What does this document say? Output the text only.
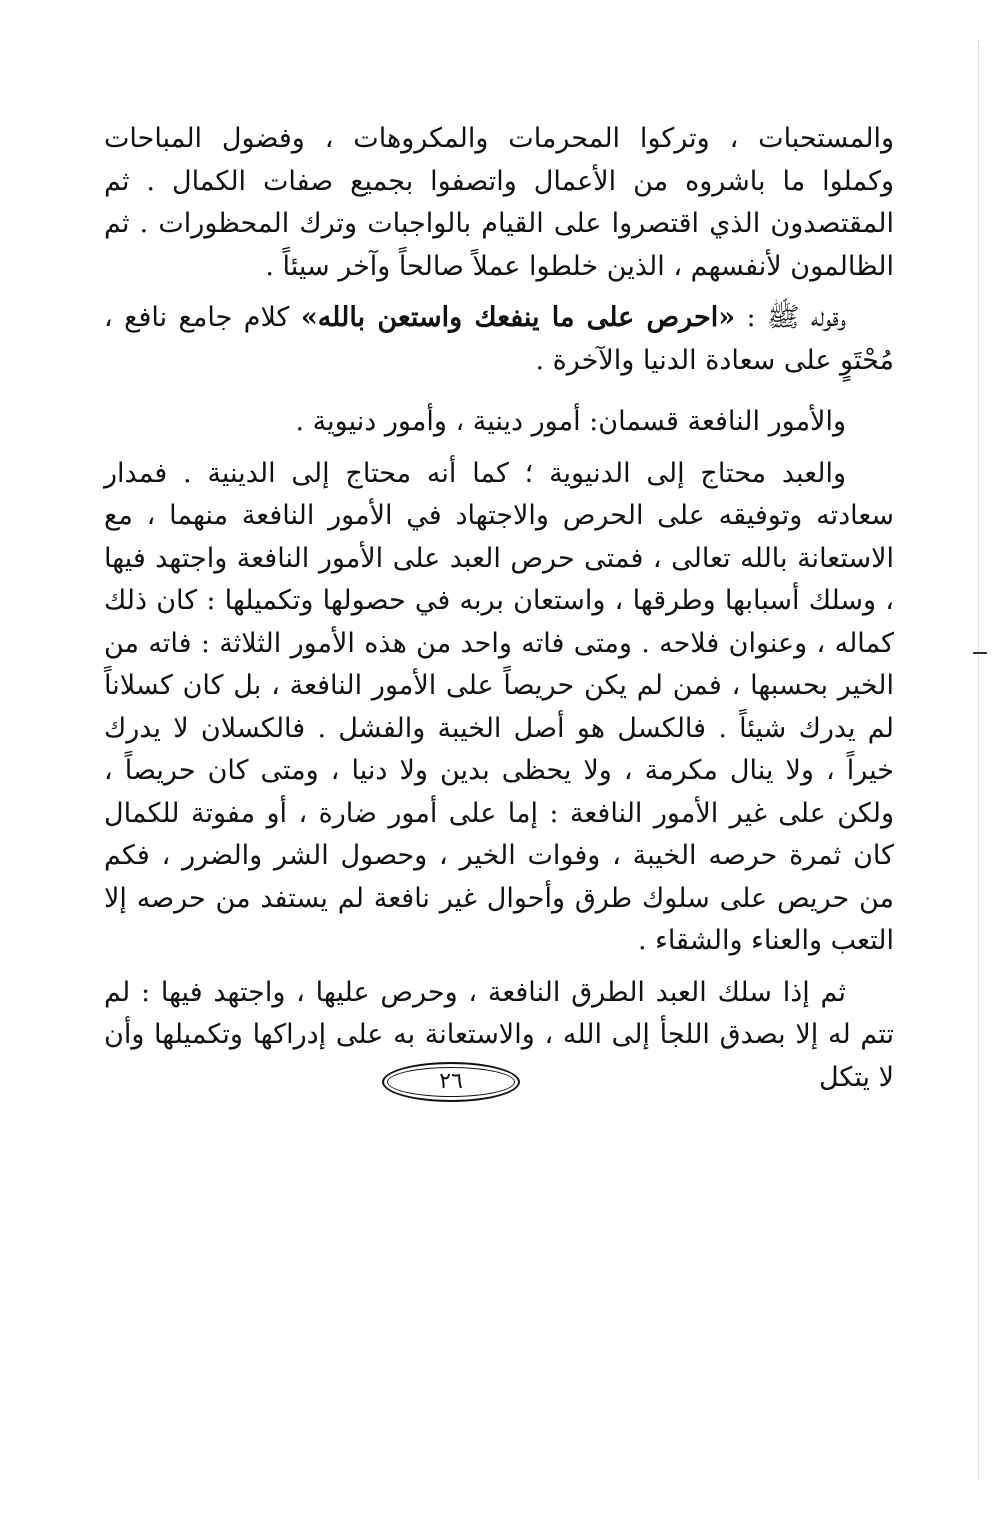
والمستحبات ، وتركوا المحرمات والمكروهات ، وفضول المباحات وكملوا ما باشروه من الأعمال واتصفوا بجميع صفات الكمال . ثم المقتصدون الذي اقتصروا على القيام بالواجبات وترك المحظورات . ثم الظالمون لأنفسهم ، الذين خلطوا عملاً صالحاً وآخر سيئاً .

وقوله ﷺ : «احرص على ما ينفعك واستعن بالله» كلام جامع نافع ، مُحْتَوٍ على سعادة الدنيا والآخرة .

والأمور النافعة قسمان: أمور دينية ، وأمور دنيوية .

والعبد محتاج إلى الدنيوية ؛ كما أنه محتاج إلى الدينية . فمدار سعادته وتوفيقه على الحرص والاجتهاد في الأمور النافعة منهما ، مع الاستعانة بالله تعالى ، فمتى حرص العبد على الأمور النافعة واجتهد فيها ، وسلك أسبابها وطرقها ، واستعان بربه في حصولها وتكميلها : كان ذلك كماله ، وعنوان فلاحه . ومتى فاته واحد من هذه الأمور الثلاثة : فاته من الخير بحسبها ، فمن لم يكن حريصاً على الأمور النافعة ، بل كان كسلاناً لم يدرك شيئاً . فالكسل هو أصل الخيبة والفشل . فالكسلان لا يدرك خيراً ، ولا ينال مكرمة ، ولا يحظى بدين ولا دنيا ، ومتى كان حريصاً ، ولكن على غير الأمور النافعة : إما على أمور ضارة ، أو مفوتة للكمال كان ثمرة حرصه الخيبة ، وفوات الخير ، وحصول الشر والضرر ، فكم من حريص على سلوك طرق وأحوال غير نافعة لم يستفد من حرصه إلا التعب والعناء والشقاء .

ثم إذا سلك العبد الطرق النافعة ، وحرص عليها ، واجتهد فيها : لم تتم له إلا بصدق اللجأ إلى الله ، والاستعانة به على إدراكها وتكميلها وأن لا يتكل

٢٦
